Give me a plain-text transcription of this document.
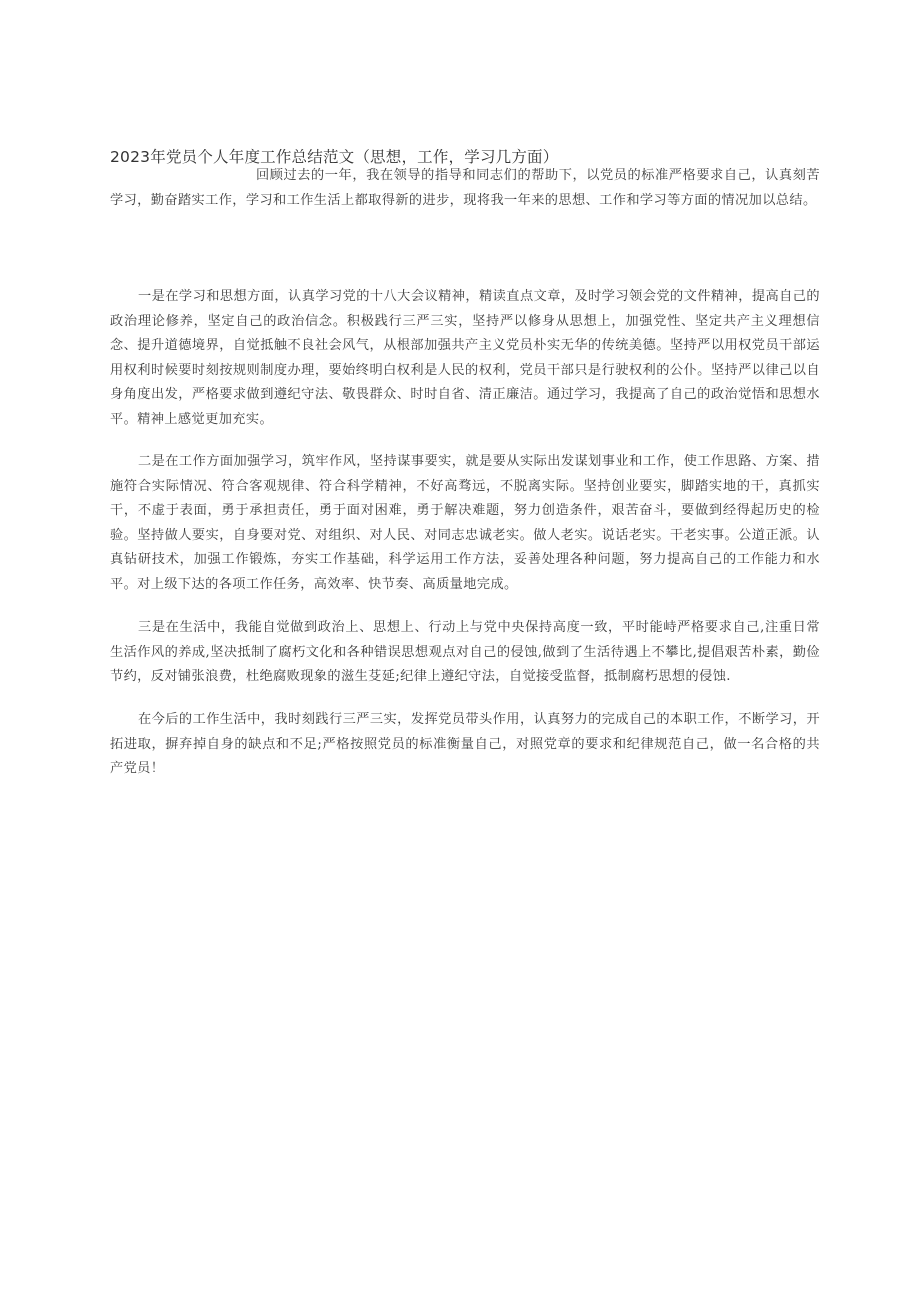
2023年党员个人年度工作总结范文（思想，工作，学习几方面）

回顾过去的一年，我在领导的指导和同志们的帮助下，以党员的标准严格要求自己，认真刻苦学习，勤奋踏实工作，学习和工作生活上都取得新的进步，现将我一年来的思想、工作和学习等方面的情况加以总结。

一是在学习和思想方面，认真学习党的十八大会议精神，精读直点文章，及时学习领会党的文件精神，提高自己的政治理论修养，坚定自己的政治信念。积极践行三严三实，坚持严以修身从思想上，加强党性、坚定共产主义理想信念、提升道德境界，自觉抵触不良社会风气，从根部加强共产主义党员朴实无华的传统美德。坚持严以用权党员干部运用权利时候要时刻按规则制度办理，要始终明白权利是人民的权利，党员干部只是行驶权利的公仆。坚持严以律己以自身角度出发，严格要求做到遵纪守法、敬畏群众、时时自省、清正廉洁。通过学习，我提高了自己的政治觉悟和思想水平。精神上感觉更加充实。

二是在工作方面加强学习，筑牢作风，坚持谋事要实，就是要从实际出发谋划事业和工作，使工作思路、方案、措施符合实际情况、符合客观规律、符合科学精神，不好高骛远，不脱离实际。坚持创业要实，脚踏实地的干，真抓实干，不虚于表面，勇于承担责任，勇于面对困难，勇于解决难题，努力创造条件，艰苦奋斗，要做到经得起历史的检验。坚持做人要实，自身要对党、对组织、对人民、对同志忠诚老实。做人老实。说话老实。干老实事。公道正派。认真钻研技术，加强工作锻炼，夯实工作基础，科学运用工作方法，妥善处理各种问题，努力提高自己的工作能力和水平。对上级下达的各项工作任务，高效率、快节奏、高质量地完成。

三是在生活中，我能自觉做到政治上、思想上、行动上与党中央保持高度一致，平时能峙严格要求自己,注重日常生活作风的养成,坚决抵制了腐朽文化和各种错误思想观点对自己的侵蚀,做到了生活待遇上不攀比,提倡艰苦朴素，勤俭节约，反对铺张浪费，杜绝腐败现象的滋生芟延;纪律上遵纪守法，自觉接受监督，抵制腐朽思想的侵蚀.

在今后的工作生活中，我时刻践行三严三实，发挥党员带头作用，认真努力的完成自己的本职工作，不断学习，开拓进取，摒弃掉自身的缺点和不足;严格按照党员的标准衡量自己，对照党章的要求和纪律规范自己，做一名合格的共产党员！
